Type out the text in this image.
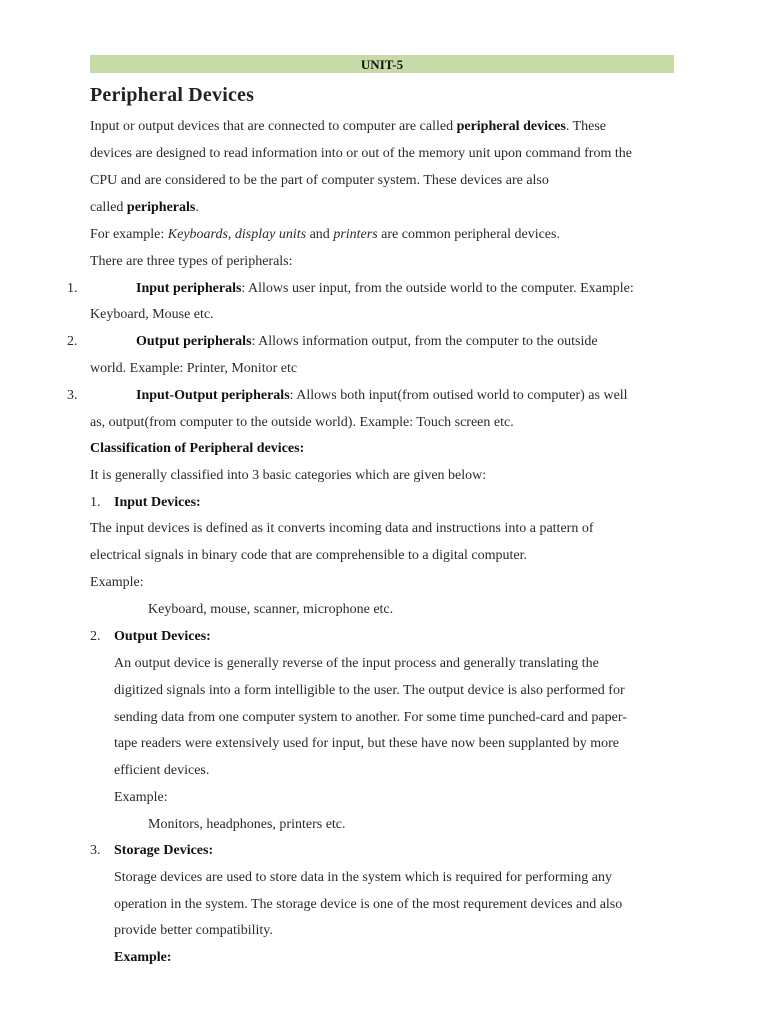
UNIT-5
Peripheral Devices
Input or output devices that are connected to computer are called peripheral devices. These
devices are designed to read information into or out of the memory unit upon command from the
CPU and are considered to be the part of computer system. These devices are also
called peripherals.
For example: Keyboards, display units and printers are common peripheral devices.
There are three types of peripherals:
1.	Input peripherals: Allows user input, from the outside world to the computer. Example:
Keyboard, Mouse etc.
2.	Output peripherals: Allows information output, from the computer to the outside
world. Example: Printer, Monitor etc
3.	Input-Output peripherals: Allows both input(from outised world to computer) as well
as, output(from computer to the outside world). Example: Touch screen etc.
Classification of Peripheral devices:
It is generally classified into 3 basic categories which are given below:
1. Input Devices:
The input devices is defined as it converts incoming data and instructions into a pattern of
electrical signals in binary code that are comprehensible to a digital computer.
Example:
Keyboard, mouse, scanner, microphone etc.
2. Output Devices:
An output device is generally reverse of the input process and generally translating the
digitized signals into a form intelligible to the user. The output device is also performed for
sending data from one computer system to another. For some time punched-card and paper-
tape readers were extensively used for input, but these have now been supplanted by more
efficient devices.
Example:
Monitors, headphones, printers etc.
3. Storage Devices:
Storage devices are used to store data in the system which is required for performing any
operation in the system. The storage device is one of the most requrement devices and also
provide better compatibility.
Example:
